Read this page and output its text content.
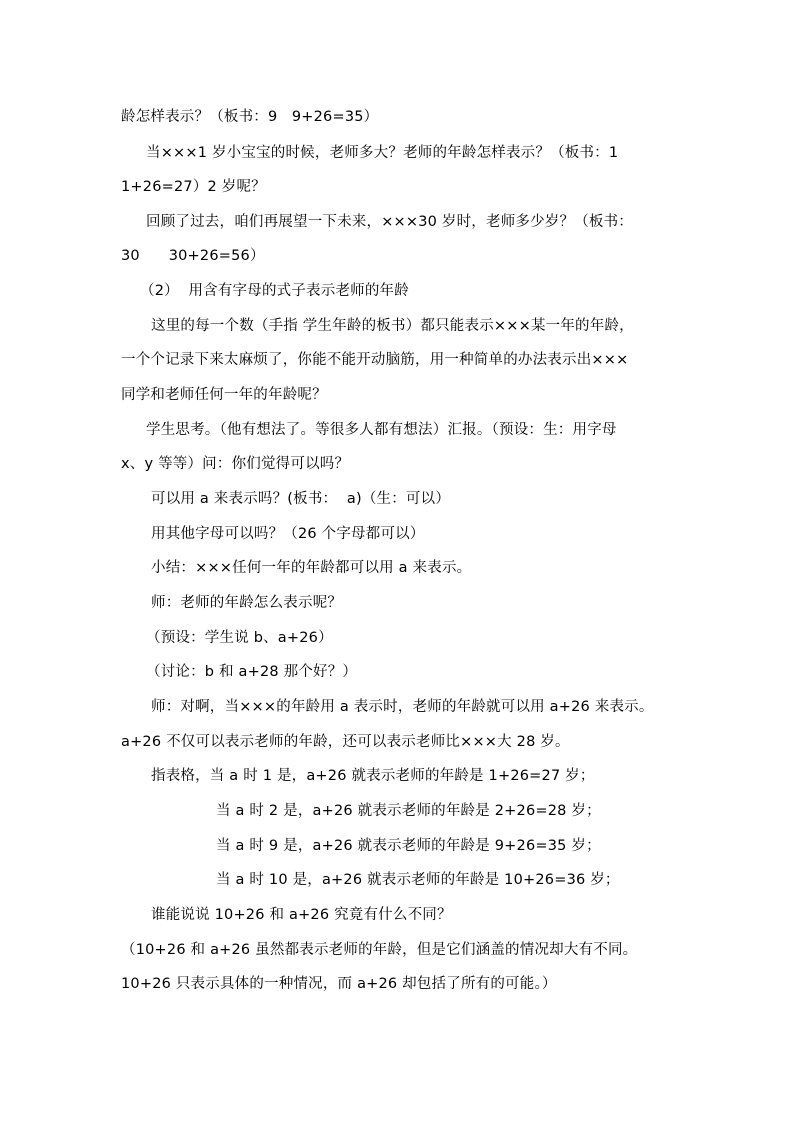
龄怎样表示？（板书：9   9+26=35）
当×××1 岁小宝宝的时候，老师多大？老师的年龄怎样表示？（板书：1
1+26=27）2 岁呢？
回顾了过去，咱们再展望一下未来，×××30 岁时，老师多少岁？（板书：
30      30+26=56）
（2）  用含有字母的式子表示老师的年龄
这里的每一个数（手指 学生年龄的板书）都只能表示×××某一年的年龄，
一个个记录下来太麻烦了，你能不能开动脑筋，用一种简单的办法表示出×××
同学和老师任何一年的年龄呢？
学生思考。（他有想法了。等很多人都有想法）汇报。（预设：生：用字母
x、y 等等）问：你们觉得可以吗？
可以用 a 来表示吗？(板书：  a)（生：可以）
用其他字母可以吗？（26 个字母都可以）
小结：×××任何一年的年龄都可以用 a 来表示。
师：老师的年龄怎么表示呢？
（预设：学生说 b、a+26）
（讨论：b 和 a+28 那个好？）
师：对啊，当×××的年龄用 a 表示时，老师的年龄就可以用 a+26 来表示。
a+26 不仅可以表示老师的年龄，还可以表示老师比×××大 28 岁。
指表格，当 a 时 1 是，a+26 就表示老师的年龄是 1+26=27 岁；
当 a 时 2 是，a+26 就表示老师的年龄是 2+26=28 岁；
当 a 时 9 是，a+26 就表示老师的年龄是 9+26=35 岁；
当 a 时 10 是，a+26 就表示老师的年龄是 10+26=36 岁；
谁能说说 10+26 和 a+26 究竟有什么不同？
（10+26 和 a+26 虽然都表示老师的年龄，但是它们涵盖的情况却大有不同。
10+26 只表示具体的一种情况，而 a+26 却包括了所有的可能。）
